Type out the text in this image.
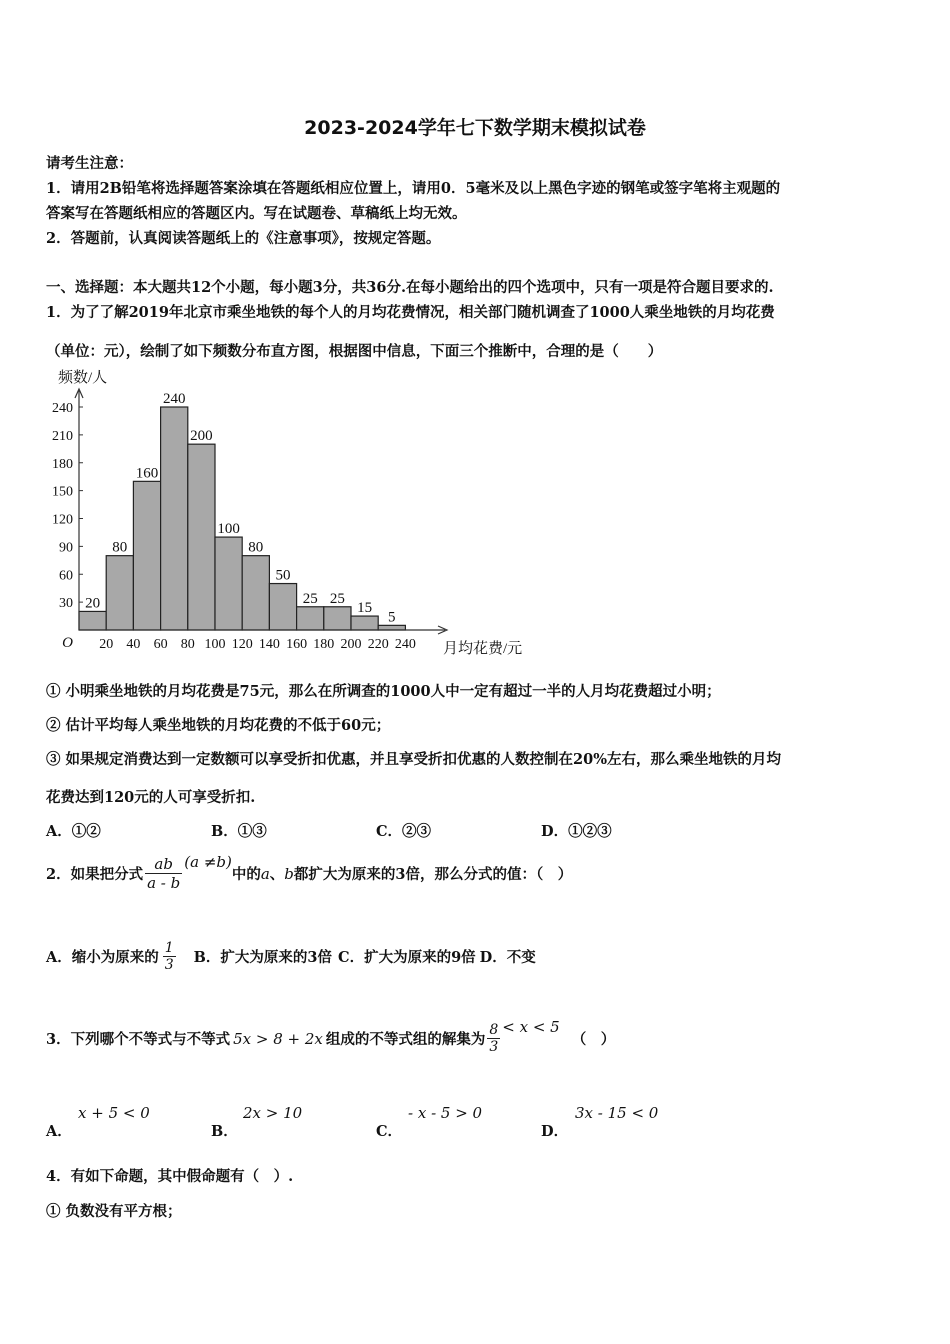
2023-2024学年七下数学期末模拟试卷
请考生注意：
1．请用2B铅笔将选择题答案涂填在答题纸相应位置上，请用0．5毫米及以上黑色字迹的钢笔或签字笔将主观题的
答案写在答题纸相应的答题区内。写在试题卷、草稿纸上均无效。
2．答题前，认真阅读答题纸上的《注意事项》，按规定答题。
一、选择题：本大题共12个小题，每小题3分，共36分.在每小题给出的四个选项中，只有一项是符合题目要求的.
1．为了了解2019年北京市乘坐地铁的每个人的月均花费情况，相关部门随机调查了1000人乘坐地铁的月均花费
（单位：元），绘制了如下频数分布直方图，根据图中信息，下面三个推断中，合理的是（　　）
20
80
160
240
200
100
80
50
25 25
15
5
30
60
90
120
150
180
210
240
20 40 60 80 100 120 140 160 180 200 220 240
O
频数/人
月均花费/元
① 小明乘坐地铁的月均花费是75元，那么在所调查的1000人中一定有超过一半的人月均花费超过小明；
② 估计平均每人乘坐地铁的月均花费的不低于60元；
③ 如果规定消费达到一定数额可以享受折扣优惠，并且享受折扣优惠的人数控制在20%左右，那么乘坐地铁的月均
花费达到120元的人可享受折扣.
A．①②	B．①③	C．②③	D．①②③
2．如果把分式 $\frac{ab}{a - b} (a \ne b)$
中的 a 、 b 都扩大为原来的3倍，那么分式的值：（　）
A．缩小为原来的 $\frac{1}{3}$ B．扩大为原来的3倍 C．扩大为原来的9倍 D．不变
3．下列哪个不等式与不等式 5x > 8 + 2x 组成的不等式组的解集为 $\frac{8}{3} < x < 5$
（　）
A．
x + 5 < 0
B．
2x > 10
C．
- x - 5 > 0
D．
3x - 15 < 0
4．有如下命题，其中假命题有（　）.
① 负数没有平方根；
